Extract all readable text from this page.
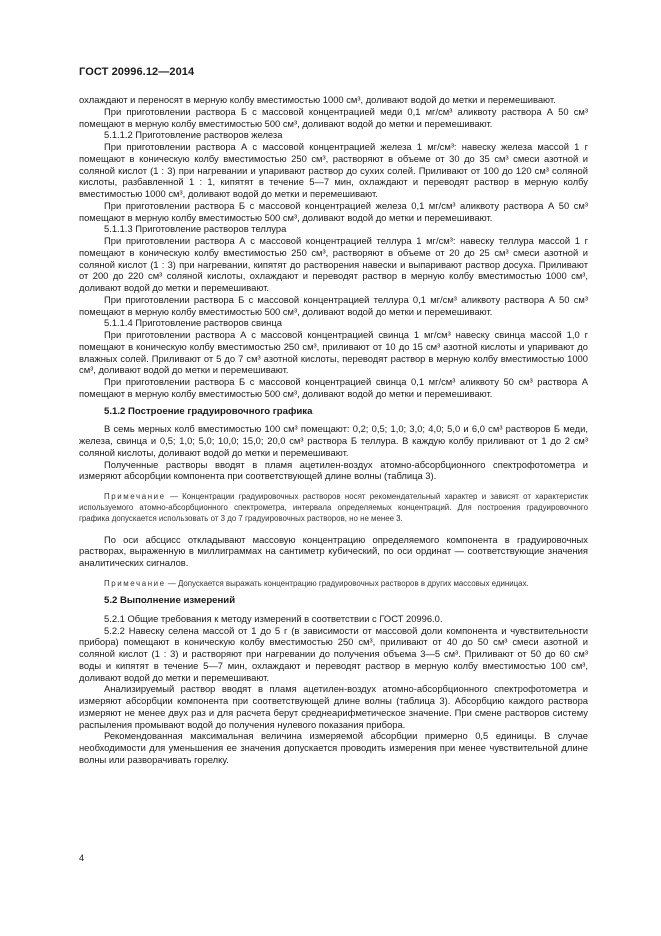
ГОСТ 20996.12—2014

охлаждают и переносят в мерную колбу вместимостью 1000 см³, доливают водой до метки и перемешивают.

При приготовлении раствора Б с массовой концентрацией меди 0,1 мг/см³ аликвоту раствора А 50 см³ помещают в мерную колбу вместимостью 500 см³, доливают водой до метки и перемешивают.

5.1.1.2 Приготовление растворов железа

При приготовлении раствора А с массовой концентрацией железа 1 мг/см³: навеску железа массой 1 г помещают в коническую колбу вместимостью 250 см³, растворяют в объеме от 30 до 35 см³ смеси азотной и соляной кислот (1 : 3) при нагревании и упаривают раствор до сухих солей. Приливают от 100 до 120 см³ соляной кислоты, разбавленной 1 : 1, кипятят в течение 5—7 мин, охлаждают и переводят раствор в мерную колбу вместимостью 1000 см³, доливают водой до метки и перемешивают.

При приготовлении раствора Б с массовой концентрацией железа 0,1 мг/см³ аликвоту раствора А 50 см³ помещают в мерную колбу вместимостью 500 см³, доливают водой до метки и перемешивают.

5.1.1.3 Приготовление растворов теллура

При приготовлении раствора А с массовой концентрацией теллура 1 мг/см³: навеску теллура массой 1 г помещают в коническую колбу вместимостью 250 см³, растворяют в объеме от 20 до 25 см³ смеси азотной и соляной кислот (1 : 3) при нагревании, кипятят до растворения навески и выпаривают раствор досуха. Приливают от 200 до 220 см³ соляной кислоты, охлаждают и переводят раствор в мерную колбу вместимостью 1000 см³, доливают водой до метки и перемешивают.

При приготовлении раствора Б с массовой концентрацией теллура 0,1 мг/см³ аликвоту раствора А 50 см³ помещают в мерную колбу вместимостью 500 см³, доливают водой до метки и перемешивают.

5.1.1.4 Приготовление растворов свинца

При приготовлении раствора А с массовой концентрацией свинца 1 мг/см³ навеску свинца массой 1,0 г помещают в коническую колбу вместимостью 250 см³, приливают от 10 до 15 см³ азотной кислоты и упаривают до влажных солей. Приливают от 5 до 7 см³ азотной кислоты, переводят раствор в мерную колбу вместимостью 1000 см³, доливают водой до метки и перемешивают.

При приготовлении раствора Б с массовой концентрацией свинца 0,1 мг/см³ аликвоту 50 см³ раствора А помещают в мерную колбу вместимостью 500 см³, доливают водой до метки и перемешивают.

5.1.2 Построение градуировочного графика

В семь мерных колб вместимостью 100 см³ помещают: 0,2; 0,5; 1,0; 3,0; 4,0; 5,0 и 6,0 см³ растворов Б меди, железа, свинца и 0,5; 1,0; 5,0; 10,0; 15,0; 20,0 см³ раствора Б теллура. В каждую колбу приливают от 1 до 2 см³ соляной кислоты, доливают водой до метки и перемешивают.

Полученные растворы вводят в пламя ацетилен-воздух атомно-абсорбционного спектрофотометра и измеряют абсорбции компонента при соответствующей длине волны (таблица 3).

Примечание — Концентрации градуировочных растворов носят рекомендательный характер и зависят от характеристик используемого атомно-абсорбционного спектрометра, интервала определяемых концентраций. Для построения градуировочного графика допускается использовать от 3 до 7 градуировочных растворов, но не менее 3.

По оси абсцисс откладывают массовую концентрацию определяемого компонента в градуировочных растворах, выраженную в миллиграммах на сантиметр кубический, по оси ординат — соответствующие значения аналитических сигналов.

Примечание — Допускается выражать концентрацию градуировочных растворов в других массовых единицах.

5.2 Выполнение измерений

5.2.1 Общие требования к методу измерений в соответствии с ГОСТ 20996.0.

5.2.2 Навеску селена массой от 1 до 5 г (в зависимости от массовой доли компонента и чувствительности прибора) помещают в коническую колбу вместимостью 250 см³, приливают от 40 до 50 см³ смеси азотной и соляной кислот (1 : 3) и растворяют при нагревании до получения объема 3—5 см³. Приливают от 50 до 60 см³ воды и кипятят в течение 5—7 мин, охлаждают и переводят раствор в мерную колбу вместимостью 100 см³, доливают водой до метки и перемешивают.

Анализируемый раствор вводят в пламя ацетилен-воздух атомно-абсорбционного спектрофотометра и измеряют абсорбции компонента при соответствующей длине волны (таблица 3). Абсорбцию каждого раствора измеряют не менее двух раз и для расчета берут среднеарифметическое значение. При смене растворов систему распыления промывают водой до получения нулевого показания прибора.

Рекомендованная максимальная величина измеряемой абсорбции примерно 0,5 единицы. В случае необходимости для уменьшения ее значения допускается проводить измерения при менее чувствительной длине волны или разворачивать горелку.

4
